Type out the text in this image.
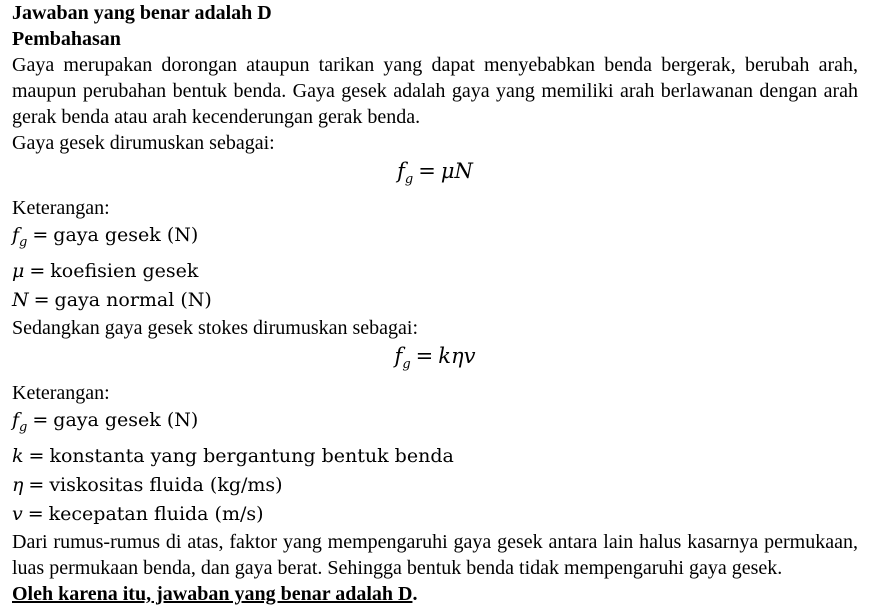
Jawaban yang benar adalah D
Pembahasan
Gaya merupakan dorongan ataupun tarikan yang dapat menyebabkan benda bergerak, berubah arah, maupun perubahan bentuk benda. Gaya gesek adalah gaya yang memiliki arah berlawanan dengan arah gerak benda atau arah kecenderungan gerak benda.
Gaya gesek dirumuskan sebagai:
$f_g = \mu N$
Keterangan:
$f_g$ = gaya gesek (N)
μ = koefisien gesek
N = gaya normal (N)
Sedangkan gaya gesek stokes dirumuskan sebagai:
$f_g = k\eta v$
Keterangan:
$f_g$ = gaya gesek (N)
k = konstanta yang bergantung bentuk benda
η = viskositas fluida (kg/ms)
v = kecepatan fluida (m/s)
Dari rumus-rumus di atas, faktor yang mempengaruhi gaya gesek antara lain halus kasarnya permukaan, luas permukaan benda, dan gaya berat. Sehingga bentuk benda tidak mempengaruhi gaya gesek.
Oleh karena itu, jawaban yang benar adalah D.
